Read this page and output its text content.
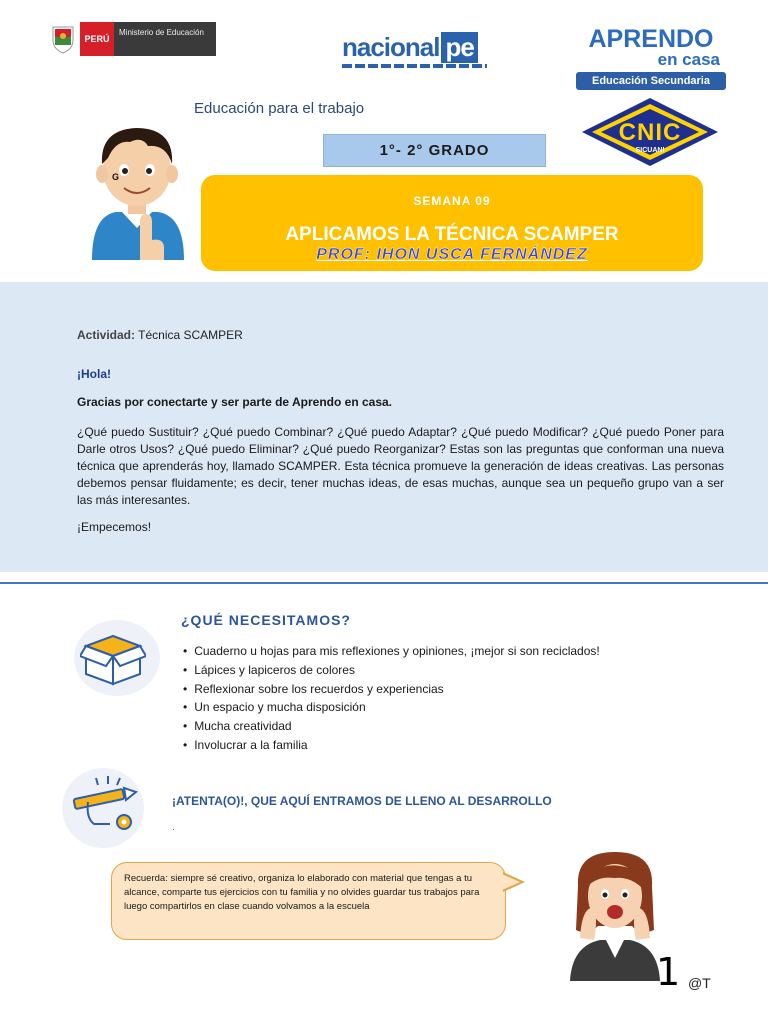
PERÚ
Ministerio de Educación	nacional pe	APRENDO
en casa
Educación Secundaria
Educación para el trabajo
CNIC
SICUANI
G
1°- 2° GRADO
SEMANA 09
APLICAMOS LA TÉCNICA SCAMPER
PROF: IHON USCA FERNÁNDEZ
Actividad: Técnica SCAMPER
¡Hola!
Gracias por conectarte y ser parte de Aprendo en casa.
¿Qué puedo Sustituir? ¿Qué puedo Combinar? ¿Qué puedo Adaptar? ¿Qué puedo Modificar? ¿Qué puedo Poner para Darle otros Usos? ¿Qué puedo Eliminar? ¿Qué puedo Reorganizar? Estas son las preguntas que conforman una nueva técnica que aprenderás hoy, llamado SCAMPER. Esta técnica promueve la generación de ideas creativas. Las personas debemos pensar fluidamente; es decir, tener muchas ideas, de esas muchas, aunque sea un pequeño grupo van a ser las más interesantes.
¡Empecemos!
¿QUÉ NECESITAMOS?
• Cuaderno u hojas para mis reflexiones y opiniones, ¡mejor si son reciclados!
• Lápices y lapiceros de colores
• Reflexionar sobre los recuerdos y experiencias
• Un espacio y mucha disposición
• Mucha creatividad
• Involucrar a la familia
¡ATENTA(O)!, QUE AQUÍ ENTRAMOS DE LLENO AL DESARROLLO
.
Recuerda: siempre sé creativo, organiza lo elaborado con material que tengas a tu alcance, comparte tus ejercicios con tu familia y no olvides guardar tus trabajos para luego compartirlos en clase cuando volvamos a la escuela
1 @T
